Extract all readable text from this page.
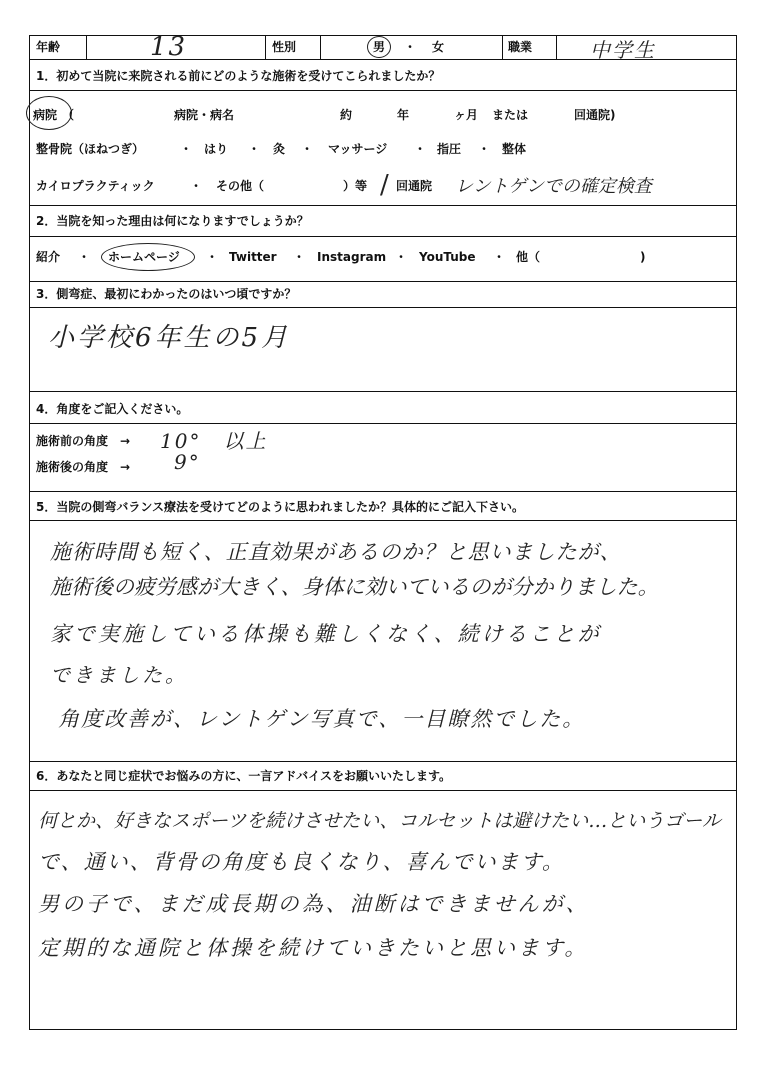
年齢	13	性別	男 ・ 女	職業	中学生
1．初めて当院に来院される前にどのような施術を受けてこられましたか？
病院 （	病院・病名	約	年	ヶ月 または	回通院)
整骨院（ほねつぎ）	・ はり ・ 灸 ・ マッサージ ・ 指圧 ・ 整体
カイロプラクティック	・ その他（	）等 / 回通院 レントゲンでの確定検査
2．当院を知った理由は何になりますでしょうか？
紹介 ・ ホームページ ・ Twitter ・ Instagram ・ YouTube ・ 他（	)
3．側弯症、最初にわかったのはいつ頃ですか？
小学校6年生の5月
4．角度をご記入ください。
施術前の角度　→ 10°　以上
施術後の角度　→ 9°
5．当院の側弯バランス療法を受けてどのように思われましたか？具体的にご記入下さい。
施術時間も短く、正直効果があるのか？と思いましたが、
施術後の疲労感が大きく、身体に効いているのが分かりました。
家で実施している体操も難しくなく、続けることが
できました。
角度改善が、レントゲン写真で、一目瞭然でした。
6．あなたと同じ症状でお悩みの方に、一言アドバイスをお願いいたします。
何とか、好きなスポーツを続けさせたい、コルセットは避けたい…というゴール
で、通い、背骨の角度も良くなり、喜んでいます。
男の子で、まだ成長期の為、油断はできませんが、
定期的な通院と体操を続けていきたいと思います。
